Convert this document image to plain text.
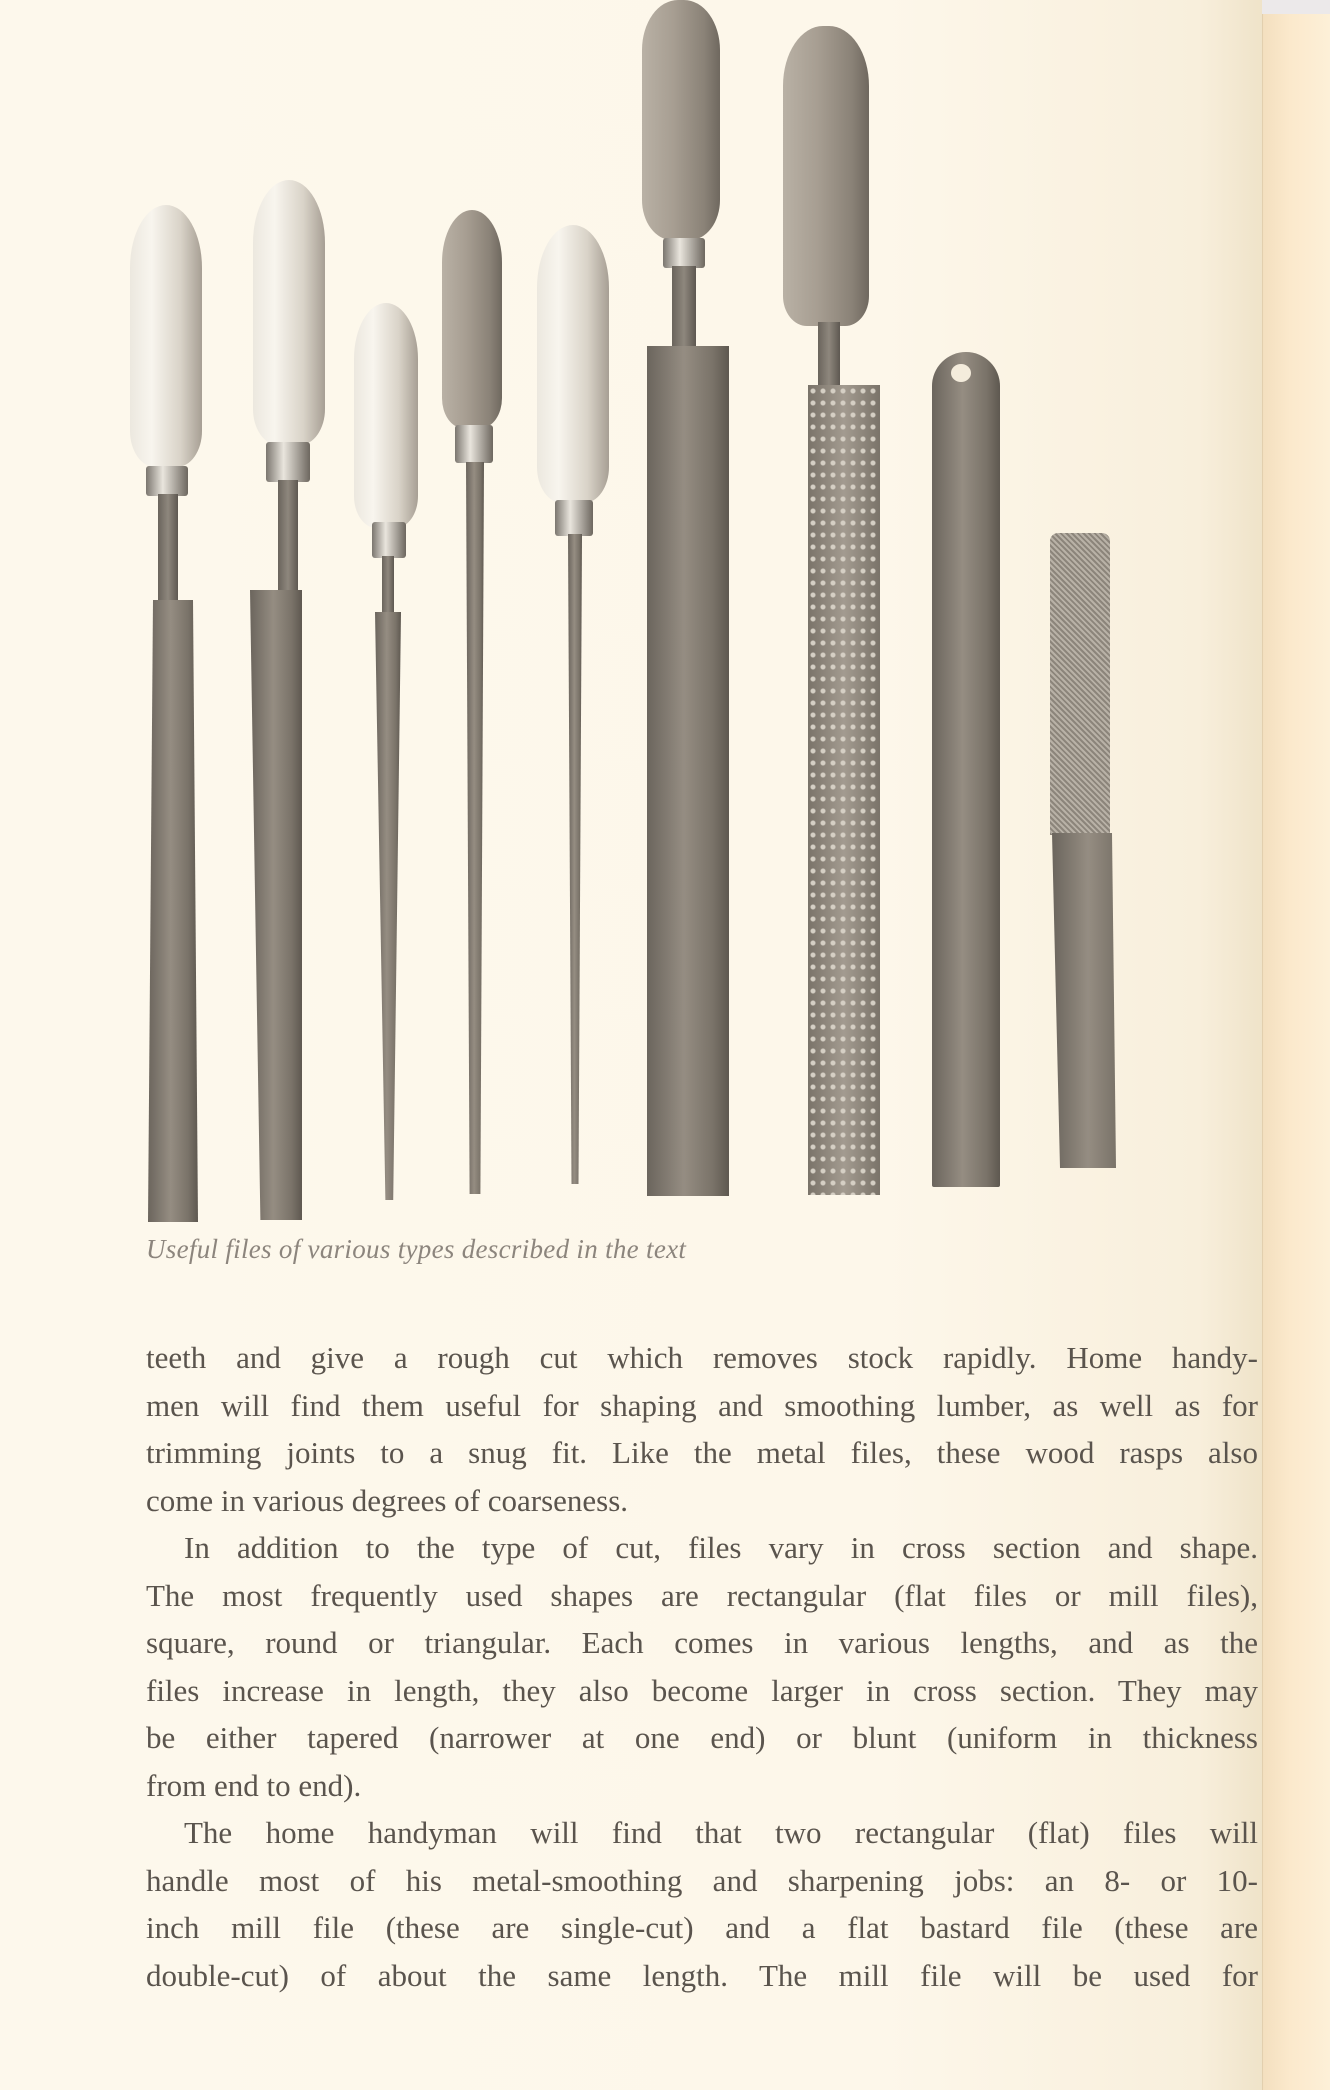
Useful files of various types described in the text

teeth and give a rough cut which removes stock rapidly. Home handy-
men will find them useful for shaping and smoothing lumber, as well as for
trimming joints to a snug fit. Like the metal files, these wood rasps also
come in various degrees of coarseness.

In addition to the type of cut, files vary in cross section and shape.
The most frequently used shapes are rectangular (flat files or mill files),
square, round or triangular. Each comes in various lengths, and as the
files increase in length, they also become larger in cross section. They may
be either tapered (narrower at one end) or blunt (uniform in thickness
from end to end).

The home handyman will find that two rectangular (flat) files will
handle most of his metal-smoothing and sharpening jobs: an 8- or 10-
inch mill file (these are single-cut) and a flat bastard file (these are
double-cut) of about the same length. The mill file will be used for
